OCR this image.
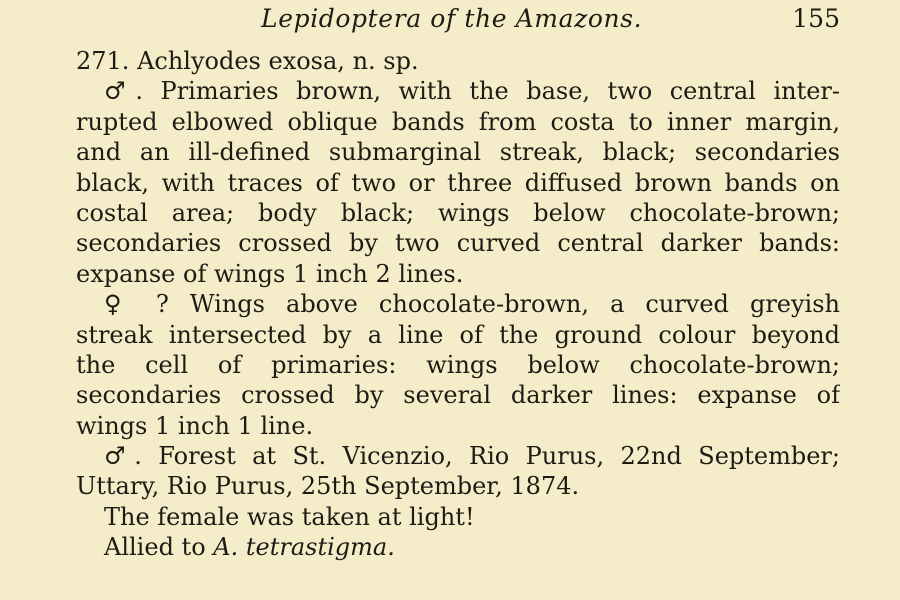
Lepidoptera of the Amazons.	155
271. Achlyodes exosa, n. sp.
♂. Primaries brown, with the base, two central inter-
rupted elbowed oblique bands from costa to inner margin,
and an ill-defined submarginal streak, black; secondaries
black, with traces of two or three diffused brown bands on
costal area; body black; wings below chocolate-brown;
secondaries crossed by two curved central darker bands:
expanse of wings 1 inch 2 lines.
♀ ? Wings above chocolate-brown, a curved greyish
streak intersected by a line of the ground colour beyond
the cell of primaries: wings below chocolate-brown;
secondaries crossed by several darker lines: expanse of
wings 1 inch 1 line.
♂. Forest at St. Vicenzio, Rio Purus, 22nd September;
Uttary, Rio Purus, 25th September, 1874.
The female was taken at light!
Allied to A. tetrastigma.
